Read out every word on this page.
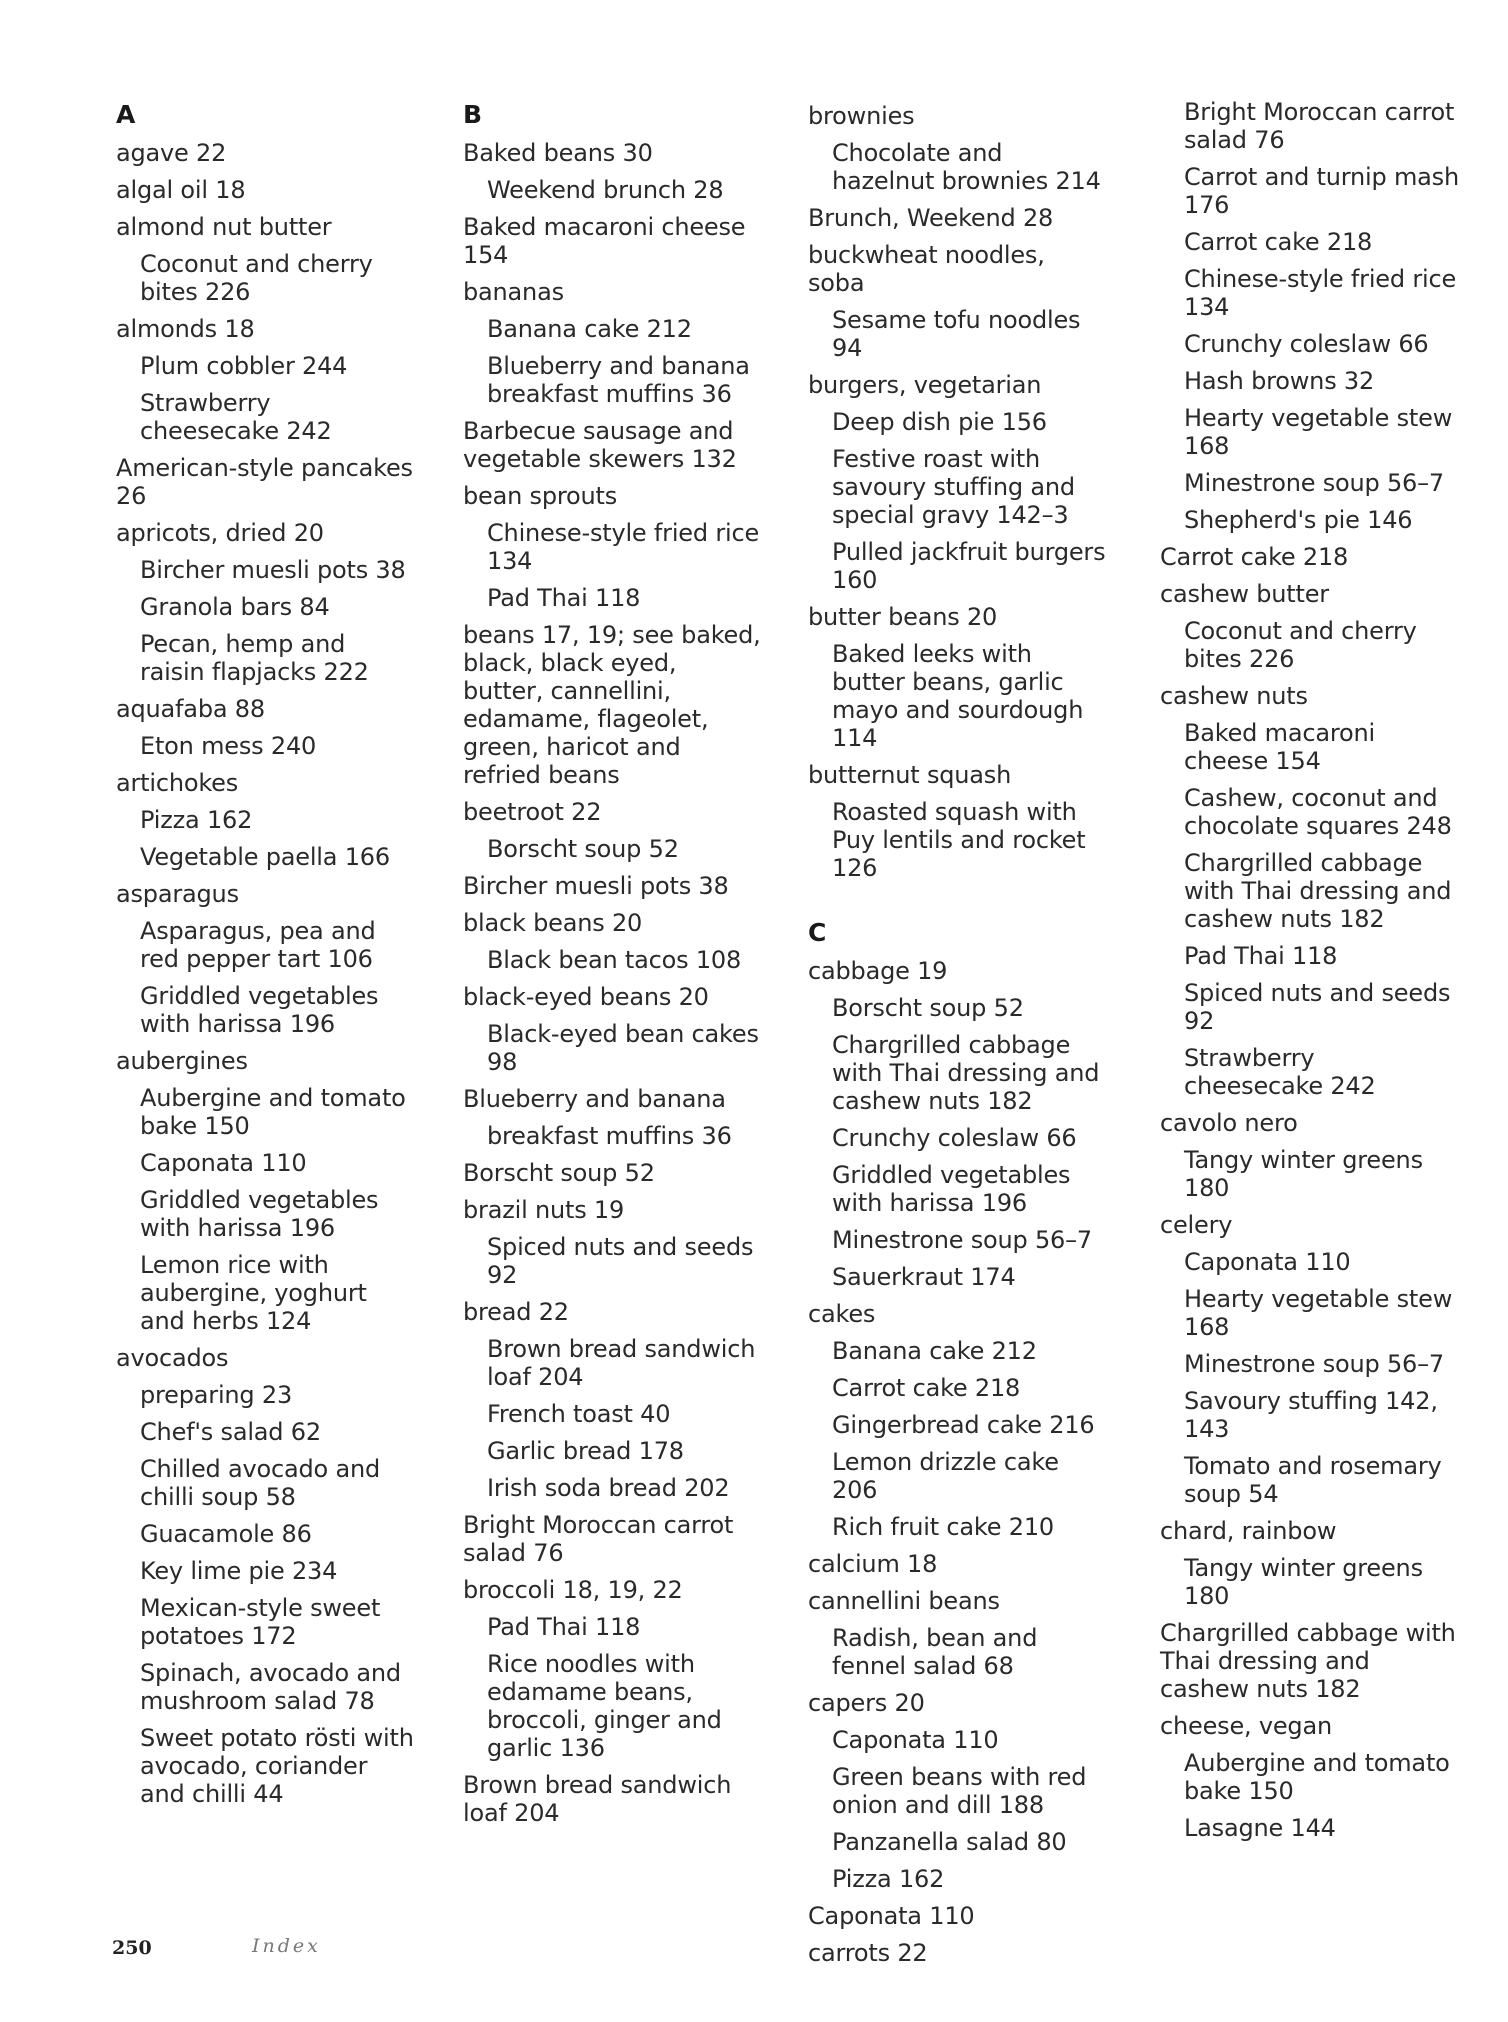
A
agave 22
algal oil 18
almond nut butter
Coconut and cherry bites 226
almonds 18
Plum cobbler 244
Strawberry cheesecake 242
American-style pancakes 26
apricots, dried 20
Bircher muesli pots 38
Granola bars 84
Pecan, hemp and raisin flapjacks 222
aquafaba 88
Eton mess 240
artichokes
Pizza 162
Vegetable paella 166
asparagus
Asparagus, pea and red pepper tart 106
Griddled vegetables with harissa 196
aubergines
Aubergine and tomato bake 150
Caponata 110
Griddled vegetables with harissa 196
Lemon rice with aubergine, yoghurt and herbs 124
avocados
preparing 23
Chef's salad 62
Chilled avocado and chilli soup 58
Guacamole 86
Key lime pie 234
Mexican-style sweet potatoes 172
Spinach, avocado and mushroom salad 78
Sweet potato rösti with avocado, coriander and chilli 44
B
Baked beans 30
Weekend brunch 28
Baked macaroni cheese 154
bananas
Banana cake 212
Blueberry and banana breakfast muffins 36
Barbecue sausage and vegetable skewers 132
bean sprouts
Chinese-style fried rice 134
Pad Thai 118
beans 17, 19; see baked, black, black eyed, butter, cannellini, edamame, flageolet, green, haricot and refried beans
beetroot 22
Borscht soup 52
Bircher muesli pots 38
black beans 20
Black bean tacos 108
black-eyed beans 20
Black-eyed bean cakes 98
Blueberry and banana
breakfast muffins 36
Borscht soup 52
brazil nuts 19
Spiced nuts and seeds 92
bread 22
Brown bread sandwich loaf 204
French toast 40
Garlic bread 178
Irish soda bread 202
Bright Moroccan carrot salad 76
broccoli 18, 19, 22
Pad Thai 118
Rice noodles with edamame beans, broccoli, ginger and garlic 136
Brown bread sandwich loaf 204
brownies
Chocolate and hazelnut brownies 214
Brunch, Weekend 28
buckwheat noodles, soba
Sesame tofu noodles 94
burgers, vegetarian
Deep dish pie 156
Festive roast with savoury stuffing and special gravy 142–3
Pulled jackfruit burgers 160
butter beans 20
Baked leeks with butter beans, garlic mayo and sourdough 114
butternut squash
Roasted squash with Puy lentils and rocket 126
C
cabbage 19
Borscht soup 52
Chargrilled cabbage with Thai dressing and cashew nuts 182
Crunchy coleslaw 66
Griddled vegetables with harissa 196
Minestrone soup 56–7
Sauerkraut 174
cakes
Banana cake 212
Carrot cake 218
Gingerbread cake 216
Lemon drizzle cake 206
Rich fruit cake 210
calcium 18
cannellini beans
Radish, bean and fennel salad 68
capers 20
Caponata 110
Green beans with red onion and dill 188
Panzanella salad 80
Pizza 162
Caponata 110
carrots 22
Bright Moroccan carrot salad 76
Carrot and turnip mash 176
Carrot cake 218
Chinese-style fried rice 134
Crunchy coleslaw 66
Hash browns 32
Hearty vegetable stew 168
Minestrone soup 56–7
Shepherd's pie 146
Carrot cake 218
cashew butter
Coconut and cherry bites 226
cashew nuts
Baked macaroni cheese 154
Cashew, coconut and chocolate squares 248
Chargrilled cabbage with Thai dressing and cashew nuts 182
Pad Thai 118
Spiced nuts and seeds 92
Strawberry cheesecake 242
cavolo nero
Tangy winter greens 180
celery
Caponata 110
Hearty vegetable stew 168
Minestrone soup 56–7
Savoury stuffing 142, 143
Tomato and rosemary soup 54
chard, rainbow
Tangy winter greens 180
Chargrilled cabbage with Thai dressing and cashew nuts 182
cheese, vegan
Aubergine and tomato bake 150
Lasagne 144
250	Index
